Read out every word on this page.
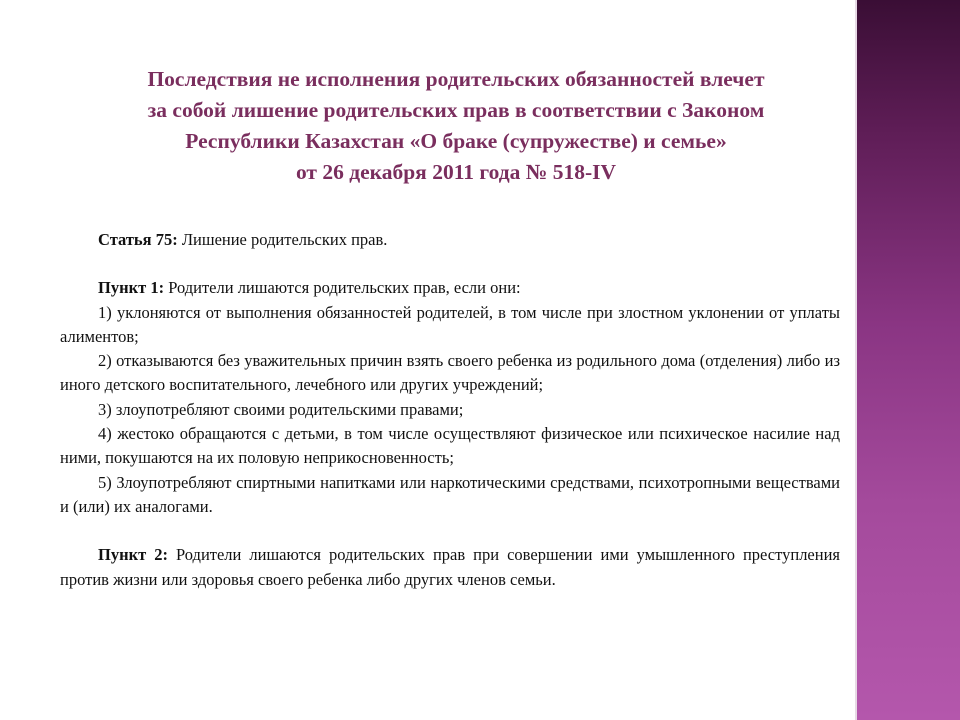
Последствия не исполнения родительских обязанностей влечет
за собой лишение родительских прав в соответствии с Законом
Республики Казахстан «О браке (супружестве) и семье»
от 26 декабря 2011 года № 518-IV

Статья 75: Лишение родительских прав.

Пункт 1: Родители лишаются родительских прав, если они:

1) уклоняются от выполнения обязанностей родителей, в том числе при злостном уклонении от уплаты алиментов;

2) отказываются без уважительных причин взять своего ребенка из родильного дома (отделения) либо из иного детского воспитательного, лечебного или других учреждений;

3) злоупотребляют своими родительскими правами;

4) жестоко обращаются с детьми, в том числе осуществляют физическое или психическое насилие над ними, покушаются на их половую неприкосновенность;

5) Злоупотребляют спиртными напитками или наркотическими средствами, психотропными веществами и (или) их аналогами.

Пункт 2: Родители лишаются родительских прав при совершении ими умышленного преступления против жизни или здоровья своего ребенка либо других членов семьи.
